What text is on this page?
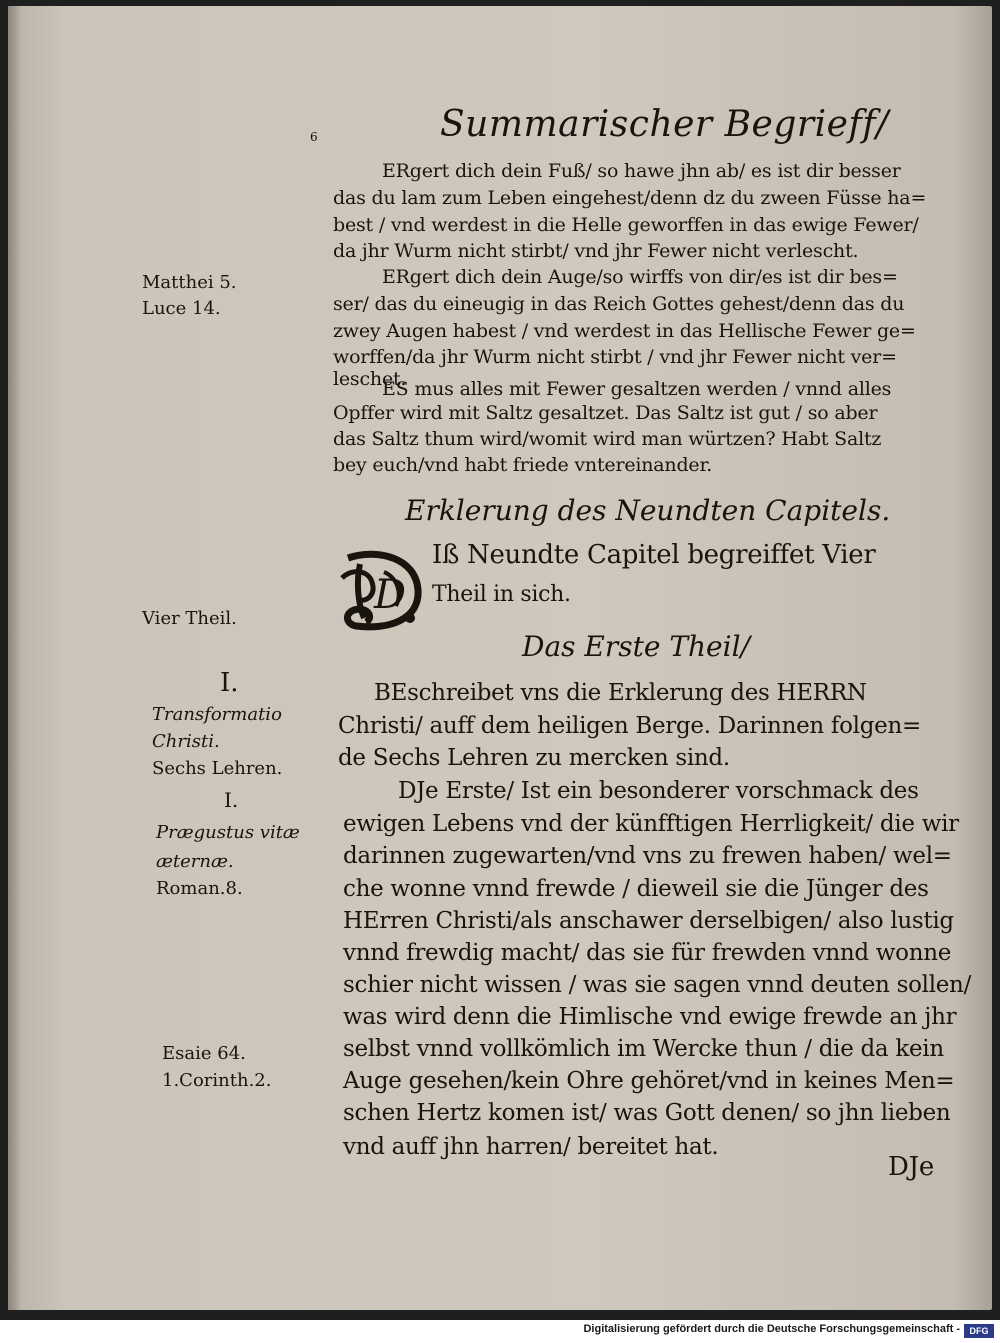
6	Summarischer Begrieff/
ERgert dich dein Fuß/ so hawe jhn ab/ es ist dir besser
das du lam zum Leben eingehest/denn dz du zween Füsse ha=
best / vnd werdest in die Helle geworffen in das ewige Fewer/
da jhr Wurm nicht stirbt/ vnd jhr Fewer nicht verlescht.
ERgert dich dein Auge/so wirffs von dir/es ist dir bes=
ser/ das du eineugig in das Reich Gottes gehest/denn das du
zwey Augen habest / vnd werdest in das Hellische Fewer ge=
worffen/da jhr Wurm nicht stirbt / vnd jhr Fewer nicht ver=
leschet.
ES mus alles mit Fewer gesaltzen werden / vnnd alles
Opffer wird mit Saltz gesaltzet. Das Saltz ist gut / so aber
das Saltz thum wird/womit wird man würtzen? Habt Saltz
bey euch/vnd habt friede vntereinander.
Erklerung des Neundten Capitels.
D
Iß Neundte Capitel begreiffet Vier
Theil in sich.
Das Erste Theil/
BEschreibet vns die Erklerung des HERRN
Christi/ auff dem heiligen Berge. Darinnen folgen=
de Sechs Lehren zu mercken sind.
DJe Erste/ Ist ein besonderer vorschmack des
ewigen Lebens vnd der künfftigen Herrligkeit/ die wir
darinnen zugewarten/vnd vns zu frewen haben/ wel=
che wonne vnnd frewde / dieweil sie die Jünger des
HErren Christi/als anschawer derselbigen/ also lustig
vnnd frewdig macht/ das sie für frewden vnnd wonne
schier nicht wissen / was sie sagen vnnd deuten sollen/
was wird denn die Himlische vnd ewige frewde an jhr
selbst vnnd vollkömlich im Wercke thun / die da kein
Auge gesehen/kein Ohre gehöret/vnd in keines Men=
schen Hertz komen ist/ was Gott denen/ so jhn lieben
vnd auff jhn harren/ bereitet hat.
DJe
Matthei 5.
Luce 14.
Vier Theil.
I.
Transformatio
Christi.
Sechs Lehren.
I.
Prægustus vitæ
æternæ.
Roman.8.
Esaie 64.
1.Corinth.2.
Digitalisierung gefördert durch die Deutsche Forschungsgemeinschaft -	DFG
